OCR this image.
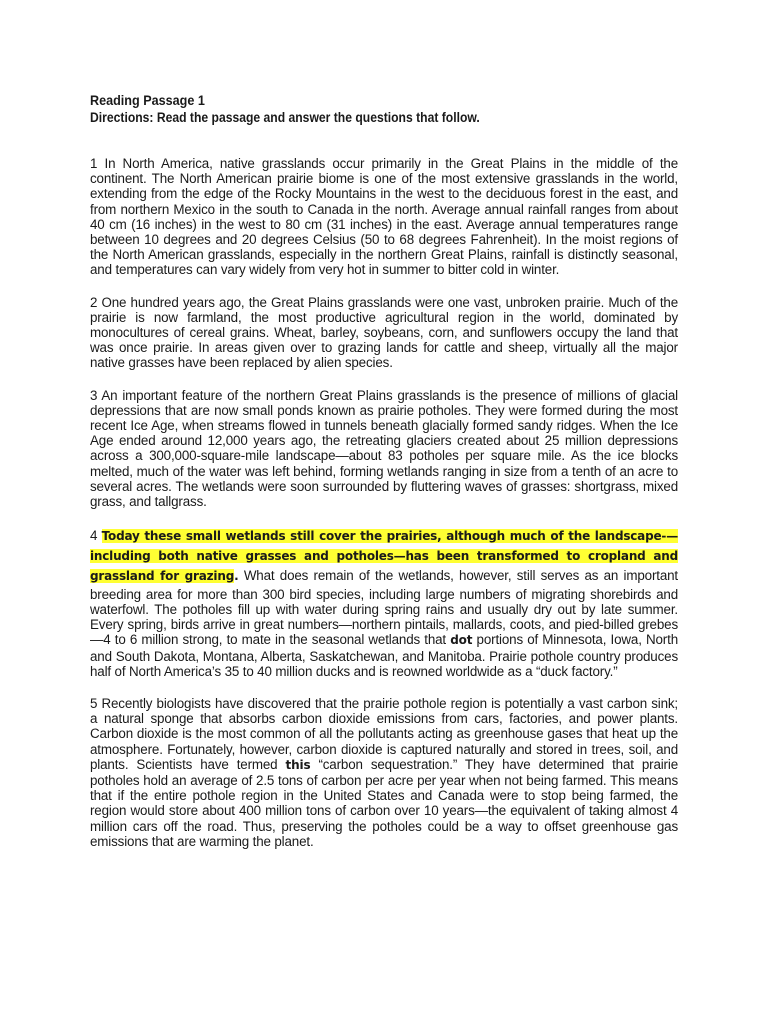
Reading Passage 1

Directions: Read the passage and answer the questions that follow.

1 In North America, native grasslands occur primarily in the Great Plains in the middle of the continent. The North American prairie biome is one of the most extensive grasslands in the world, extending from the edge of the Rocky Mountains in the west to the deciduous forest in the east, and from northern Mexico in the south to Canada in the north. Average annual rainfall ranges from about 40 cm (16 inches) in the west to 80 cm (31 inches) in the east. Average annual temperatures range between 10 degrees and 20 degrees Celsius (50 to 68 degrees Fahrenheit). In the moist regions of the North American grasslands, especially in the northern Great Plains, rainfall is distinctly seasonal, and temperatures can vary widely from very hot in summer to bitter cold in winter.

2 One hundred years ago, the Great Plains grasslands were one vast, unbroken prairie. Much of the prairie is now farmland, the most productive agricultural region in the world, dominated by monocultures of cereal grains. Wheat, barley, soybeans, corn, and sunflowers occupy the land that was once prairie. In areas given over to grazing lands for cattle and sheep, virtually all the major native grasses have been replaced by alien species.

3 An important feature of the northern Great Plains grasslands is the presence of millions of glacial depressions that are now small ponds known as prairie potholes. They were formed during the most recent Ice Age, when streams flowed in tunnels beneath glacially formed sandy ridges. When the Ice Age ended around 12,000 years ago, the retreating glaciers created about 25 million depressions across a 300,000-square-mile landscape—about 83 potholes per square mile. As the ice blocks melted, much of the water was left behind, forming wetlands ranging in size from a tenth of an acre to several acres. The wetlands were soon surrounded by fluttering waves of grasses: shortgrass, mixed grass, and tallgrass.

4 Today these small wetlands still cover the prairies, although much of the landscape-—including both native grasses and potholes—has been transformed to cropland and grassland for grazing. What does remain of the wetlands, however, still serves as an important breeding area for more than 300 bird species, including large numbers of migrating shorebirds and waterfowl. The potholes fill up with water during spring rains and usually dry out by late summer. Every spring, birds arrive in great numbers—northern pintails, mallards, coots, and pied-billed grebes—4 to 6 million strong, to mate in the seasonal wetlands that dot portions of Minnesota, Iowa, North and South Dakota, Montana, Alberta, Saskatchewan, and Manitoba. Prairie pothole country produces half of North America’s 35 to 40 million ducks and is reowned worldwide as a “duck factory.”

5 Recently biologists have discovered that the prairie pothole region is potentially a vast carbon sink; a natural sponge that absorbs carbon dioxide emissions from cars, factories, and power plants. Carbon dioxide is the most common of all the pollutants acting as greenhouse gases that heat up the atmosphere. Fortunately, however, carbon dioxide is captured naturally and stored in trees, soil, and plants. Scientists have termed this “carbon sequestration.” They have determined that prairie potholes hold an average of 2.5 tons of carbon per acre per year when not being farmed. This means that if the entire pothole region in the United States and Canada were to stop being farmed, the region would store about 400 million tons of carbon over 10 years—the equivalent of taking almost 4 million cars off the road. Thus, preserving the potholes could be a way to offset greenhouse gas emissions that are warming the planet.
